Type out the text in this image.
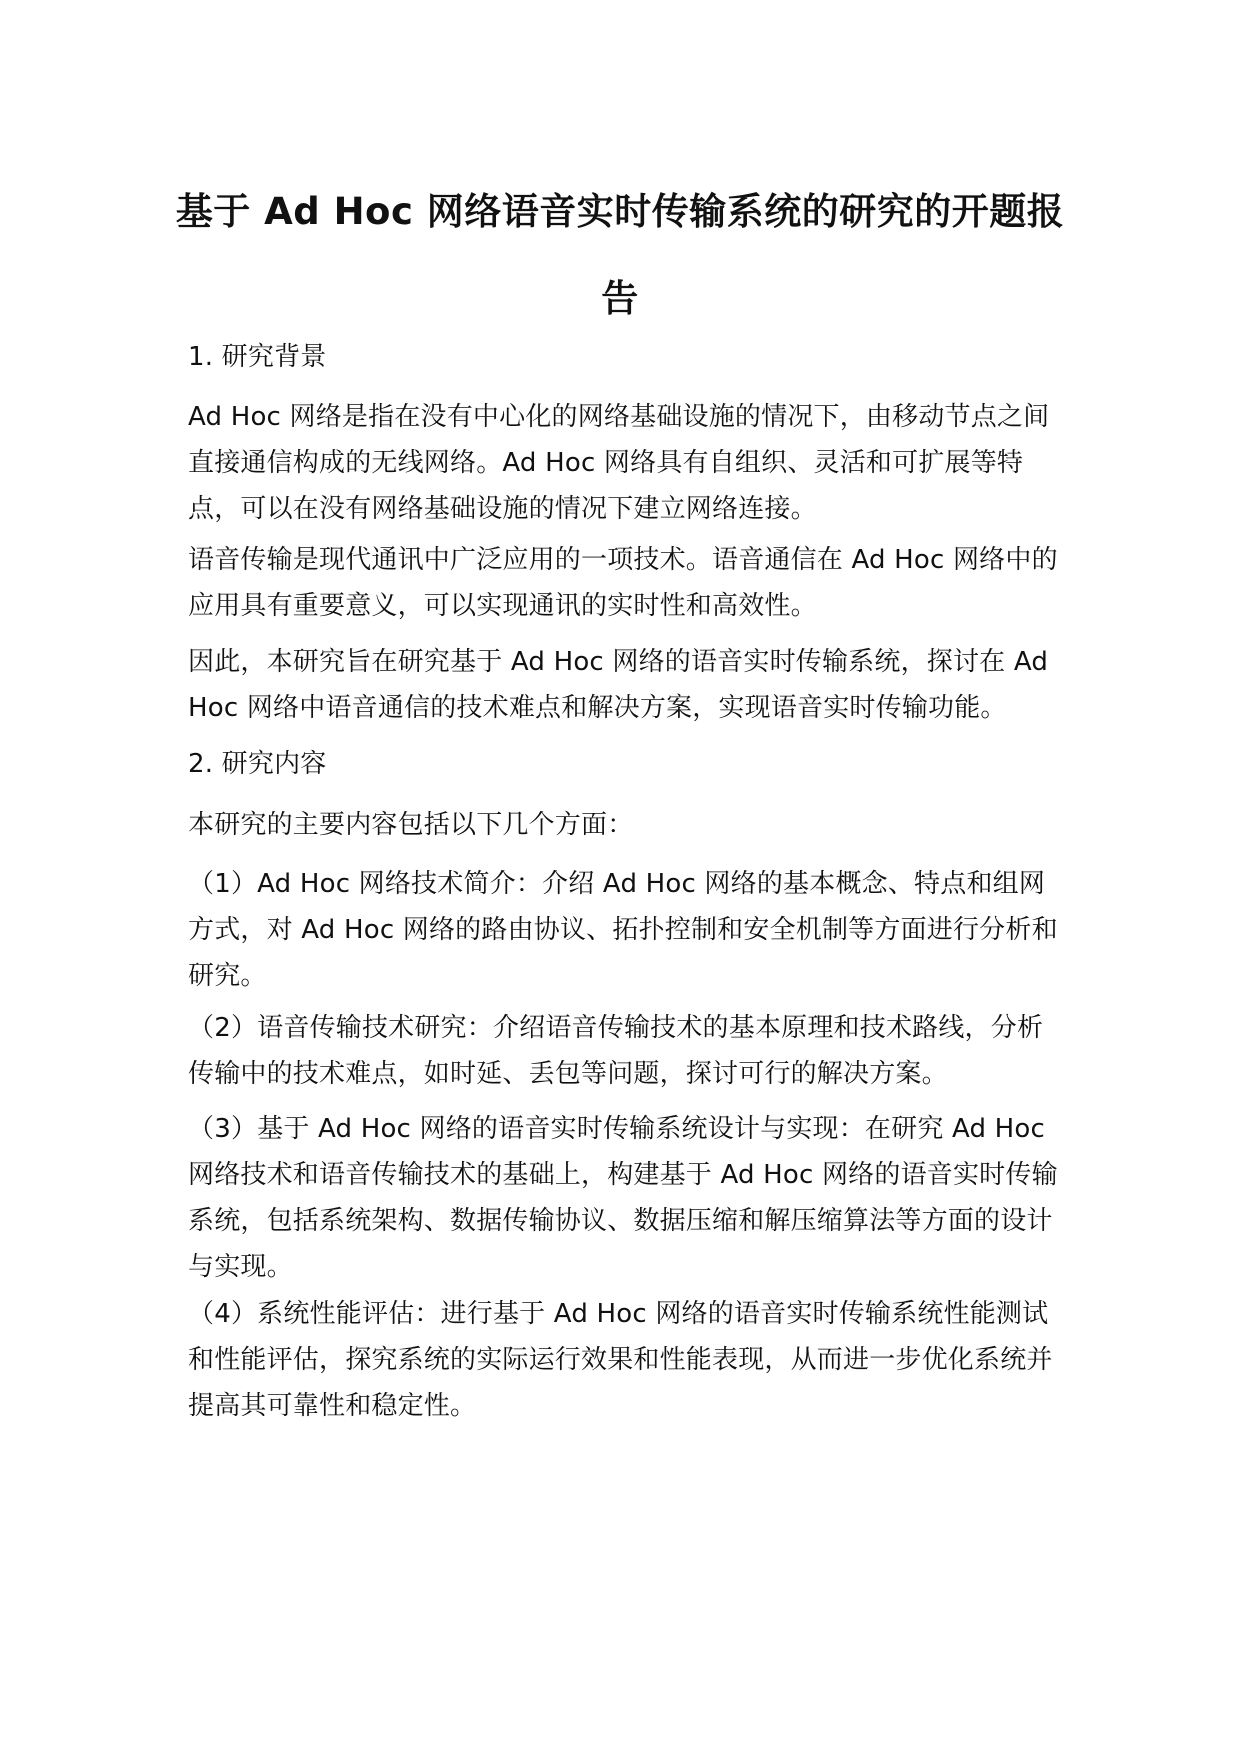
基于 Ad Hoc 网络语音实时传输系统的研究的开题报告

1. 研究背景

Ad Hoc 网络是指在没有中心化的网络基础设施的情况下，由移动节点之间直接通信构成的无线网络。Ad Hoc 网络具有自组织、灵活和可扩展等特点，可以在没有网络基础设施的情况下建立网络连接。

语音传输是现代通讯中广泛应用的一项技术。语音通信在 Ad Hoc 网络中的应用具有重要意义，可以实现通讯的实时性和高效性。

因此，本研究旨在研究基于 Ad Hoc 网络的语音实时传输系统，探讨在 Ad Hoc 网络中语音通信的技术难点和解决方案，实现语音实时传输功能。

2. 研究内容

本研究的主要内容包括以下几个方面：

（1）Ad Hoc 网络技术简介：介绍 Ad Hoc 网络的基本概念、特点和组网方式，对 Ad Hoc 网络的路由协议、拓扑控制和安全机制等方面进行分析和研究。

（2）语音传输技术研究：介绍语音传输技术的基本原理和技术路线，分析传输中的技术难点，如时延、丢包等问题，探讨可行的解决方案。

（3）基于 Ad Hoc 网络的语音实时传输系统设计与实现：在研究 Ad Hoc 网络技术和语音传输技术的基础上，构建基于 Ad Hoc 网络的语音实时传输系统，包括系统架构、数据传输协议、数据压缩和解压缩算法等方面的设计与实现。

（4）系统性能评估：进行基于 Ad Hoc 网络的语音实时传输系统性能测试和性能评估，探究系统的实际运行效果和性能表现，从而进一步优化系统并提高其可靠性和稳定性。
